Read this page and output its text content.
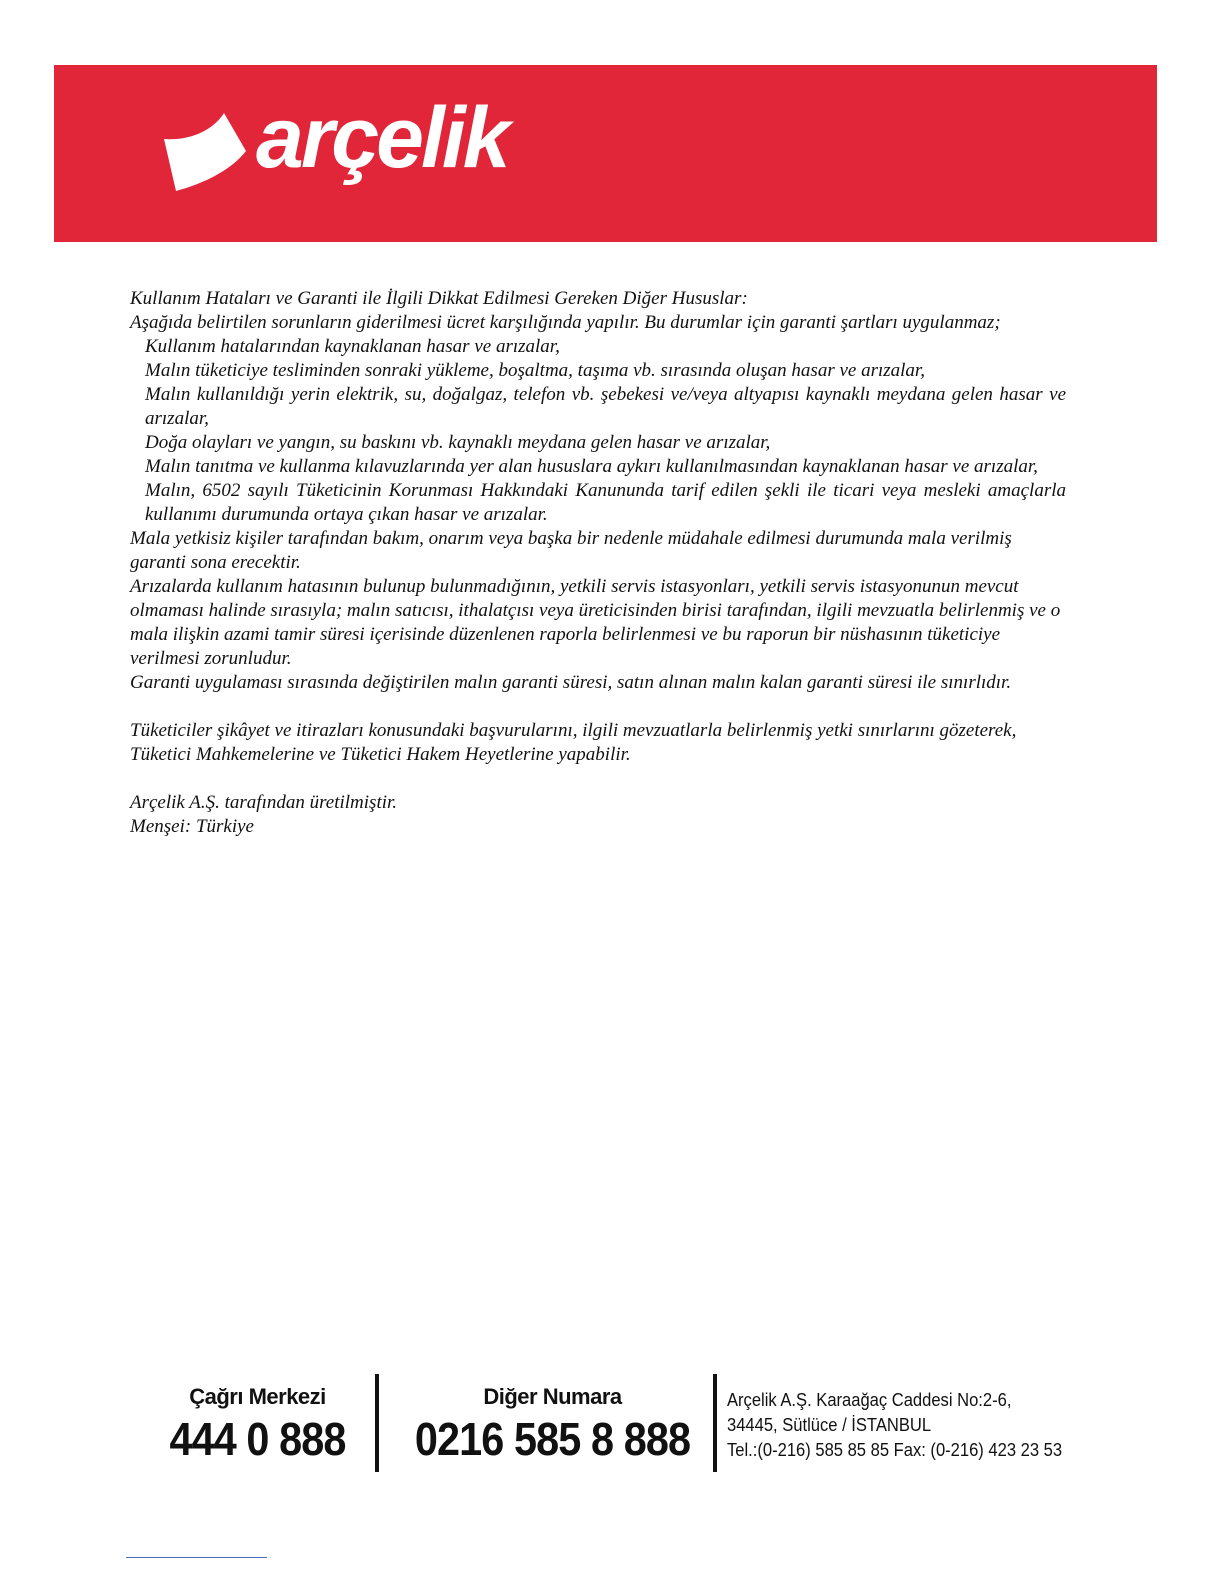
arçelik

Kullanım Hataları ve Garanti ile İlgili Dikkat Edilmesi Gereken Diğer Hususlar:

Aşağıda belirtilen sorunların giderilmesi ücret karşılığında yapılır. Bu durumlar için garanti şartları uygulanmaz;

Kullanım hatalarından kaynaklanan hasar ve arızalar,
Malın tüketiciye tesliminden sonraki yükleme, boşaltma, taşıma vb. sırasında oluşan hasar ve arızalar,
Malın kullanıldığı yerin elektrik, su, doğalgaz, telefon vb. şebekesi ve/veya altyapısı kaynaklı meydana gelen hasar ve arızalar,
Doğa olayları ve yangın, su baskını vb. kaynaklı meydana gelen hasar ve arızalar,
Malın tanıtma ve kullanma kılavuzlarında yer alan hususlara aykırı kullanılmasından kaynaklanan hasar ve arızalar,
Malın, 6502 sayılı Tüketicinin Korunması Hakkındaki Kanununda tarif edilen şekli ile ticari veya mesleki amaçlarla kullanımı durumunda ortaya çıkan hasar ve arızalar.

Mala yetkisiz kişiler tarafından bakım, onarım veya başka bir nedenle müdahale edilmesi durumunda mala verilmiş garanti sona erecektir.

Arızalarda kullanım hatasının bulunup bulunmadığının, yetkili servis istasyonları, yetkili servis istasyonunun mevcut olmaması halinde sırasıyla; malın satıcısı, ithalatçısı veya üreticisinden birisi tarafından, ilgili mevzuatla belirlenmiş ve o mala ilişkin azami tamir süresi içerisinde düzenlenen raporla belirlenmesi ve bu raporun bir nüshasının tüketiciye verilmesi zorunludur.

Garanti uygulaması sırasında değiştirilen malın garanti süresi, satın alınan malın kalan garanti süresi ile sınırlıdır.

Tüketiciler şikâyet ve itirazları konusundaki başvurularını, ilgili mevzuatlarla belirlenmiş yetki sınırlarını gözeterek,

Tüketici Mahkemelerine ve Tüketici Hakem Heyetlerine yapabilir.

Arçelik A.Ş. tarafından üretilmiştir.

Menşei: Türkiye

Çağrı Merkezi
444 0 888
Diğer Numara
0216 585 8 888
Arçelik A.Ş. Karaağaç Caddesi No:2-6,
34445, Sütlüce / İSTANBUL
Tel.:(0-216) 585 85 85 Fax: (0-216) 423 23 53
